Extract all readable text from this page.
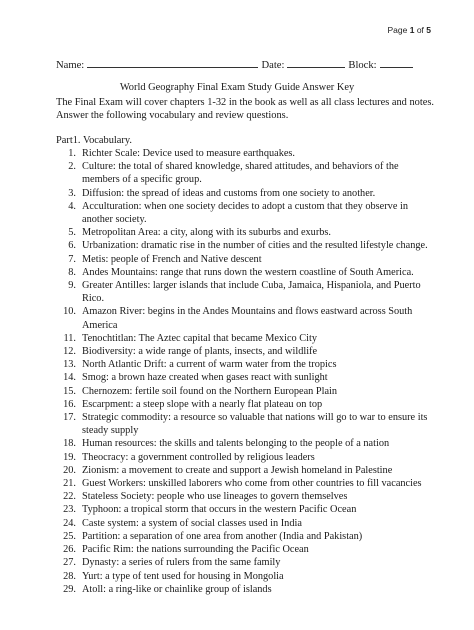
Page 1 of 5
Name:	Date:	Block:
World Geography Final Exam Study Guide Answer Key
The Final Exam will cover chapters 1-32 in the book as well as all class lectures and notes.
Answer the following vocabulary and review questions.
Part1. Vocabulary.
1. Richter Scale: Device used to measure earthquakes.
2. Culture: the total of shared knowledge, shared attitudes, and behaviors of the members of a specific group.
3. Diffusion: the spread of ideas and customs from one society to another.
4. Acculturation: when one society decides to adopt a custom that they observe in another society.
5. Metropolitan Area: a city, along with its suburbs and exurbs.
6. Urbanization: dramatic rise in the number of cities and the resulted lifestyle change.
7. Metis: people of French and Native descent
8. Andes Mountains: range that runs down the western coastline of South America.
9. Greater Antilles: larger islands that include Cuba, Jamaica, Hispaniola, and Puerto Rico.
10. Amazon River: begins in the Andes Mountains and flows eastward across South America
11. Tenochtitlan: The Aztec capital that became Mexico City
12. Biodiversity: a wide range of plants, insects, and wildlife
13. North Atlantic Drift: a current of warm water from the tropics
14. Smog: a brown haze created when gases react with sunlight
15. Chernozem: fertile soil found on the Northern European Plain
16. Escarpment: a steep slope with a nearly flat plateau on top
17. Strategic commodity: a resource so valuable that nations will go to war to ensure its steady supply
18. Human resources: the skills and talents belonging to the people of a nation
19. Theocracy: a government controlled by religious leaders
20. Zionism: a movement to create and support a Jewish homeland in Palestine
21. Guest Workers: unskilled laborers who come from other countries to fill vacancies
22. Stateless Society: people who use lineages to govern themselves
23. Typhoon: a tropical storm that occurs in the western Pacific Ocean
24. Caste system: a system of social classes used in India
25. Partition: a separation of one area from another (India and Pakistan)
26. Pacific Rim: the nations surrounding the Pacific Ocean
27. Dynasty: a series of rulers from the same family
28. Yurt: a type of tent used for housing in Mongolia
29. Atoll: a ring-like or chainlike group of islands
